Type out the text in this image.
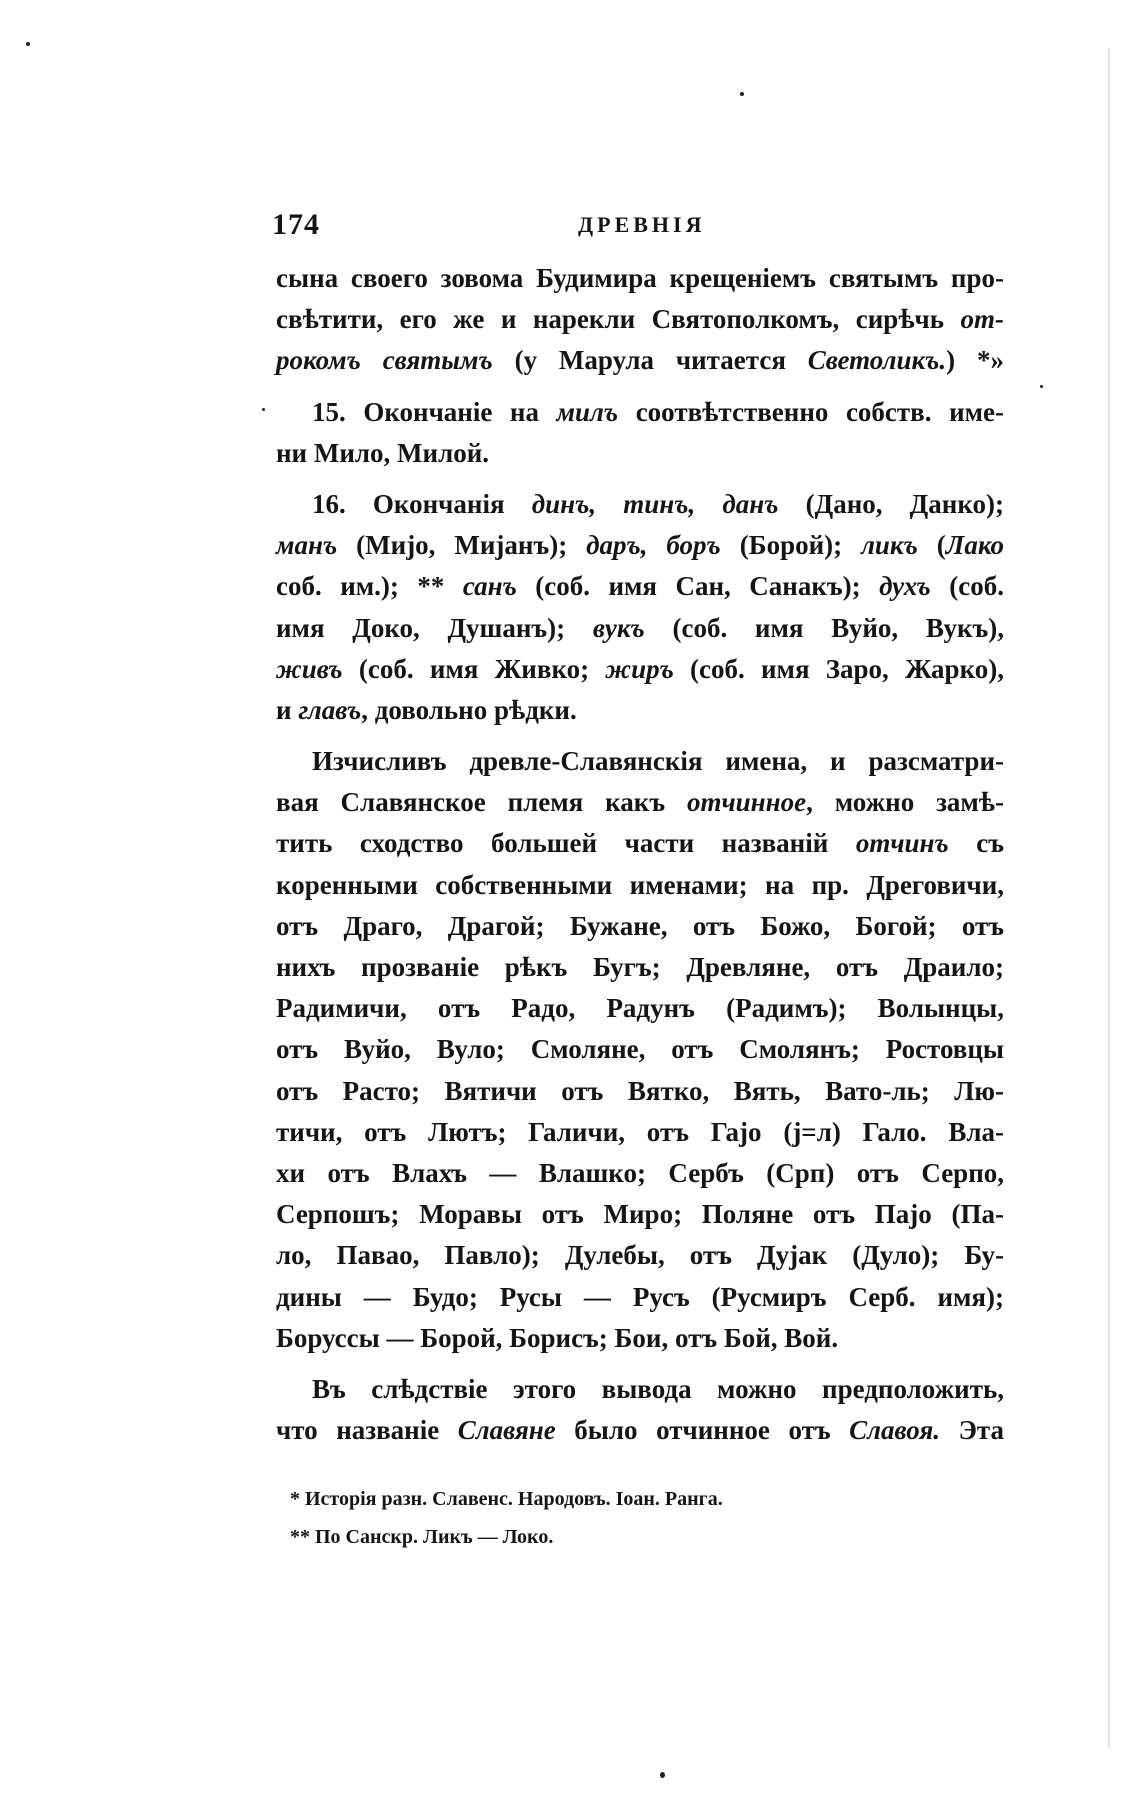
174	ДРЕВНІЯ
сына своего зовома Будимира крещеніемъ святымъ про-
свѣтити, его же и нарекли Святополкомъ, сирѣчь от-
рокомъ святымъ (у Марула читается Светоликъ.) *»
15. Окончаніе на милъ соотвѣтственно собств. име-
ни Мило, Милой.
16. Окончанія динъ, тинъ, данъ (Дано, Данко);
манъ (Мијо, Мијанъ); даръ, боръ (Борой); ликъ (Лако
соб. им.); ** санъ (соб. имя Сан, Санакъ); духъ (соб.
имя Доко, Душанъ); вукъ (соб. имя Вуйо, Вукъ),
живъ (соб. имя Живко; жиръ (соб. имя Заро, Жарко),
и главъ, довольно рѣдки.
Изчисливъ древле-Славянскія имена, и разсматри-
вая Славянское племя какъ отчинное, можно замѣ-
тить сходство большей части названій отчинъ съ
коренными собственными именами; на пр. Дреговичи,
отъ Драго, Драгой; Бужане, отъ Божо, Богой; отъ
нихъ прозваніе рѣкъ Бугъ; Древляне, отъ Драило;
Радимичи, отъ Радо, Радунъ (Радимъ); Волынцы,
отъ Вуйо, Вуло; Смоляне, отъ Смолянъ; Ростовцы
отъ Расто; Вятичи отъ Вятко, Вять, Вато-ль; Лю-
тичи, отъ Лютъ; Галичи, отъ Гајо (j=л) Гало. Вла-
хи отъ Влахъ — Влашко; Сербъ (Срп) отъ Серпо,
Серпошъ; Моравы отъ Миро; Поляне отъ Пајо (Па-
ло, Павао, Павло); Дулебы, отъ Дујак (Дуло); Бу-
дины — Будо; Русы — Русъ (Русмиръ Серб. имя);
Боруссы — Борой, Борисъ; Бои, отъ Бой, Вой.
Въ слѣдствіе этого вывода можно предположить,
что названіе Славяне было отчинное отъ Славоя. Эта
* Исторія разн. Славенс. Народовъ. Іоан. Ранга.
** По Санскр. Ликъ — Локо.
